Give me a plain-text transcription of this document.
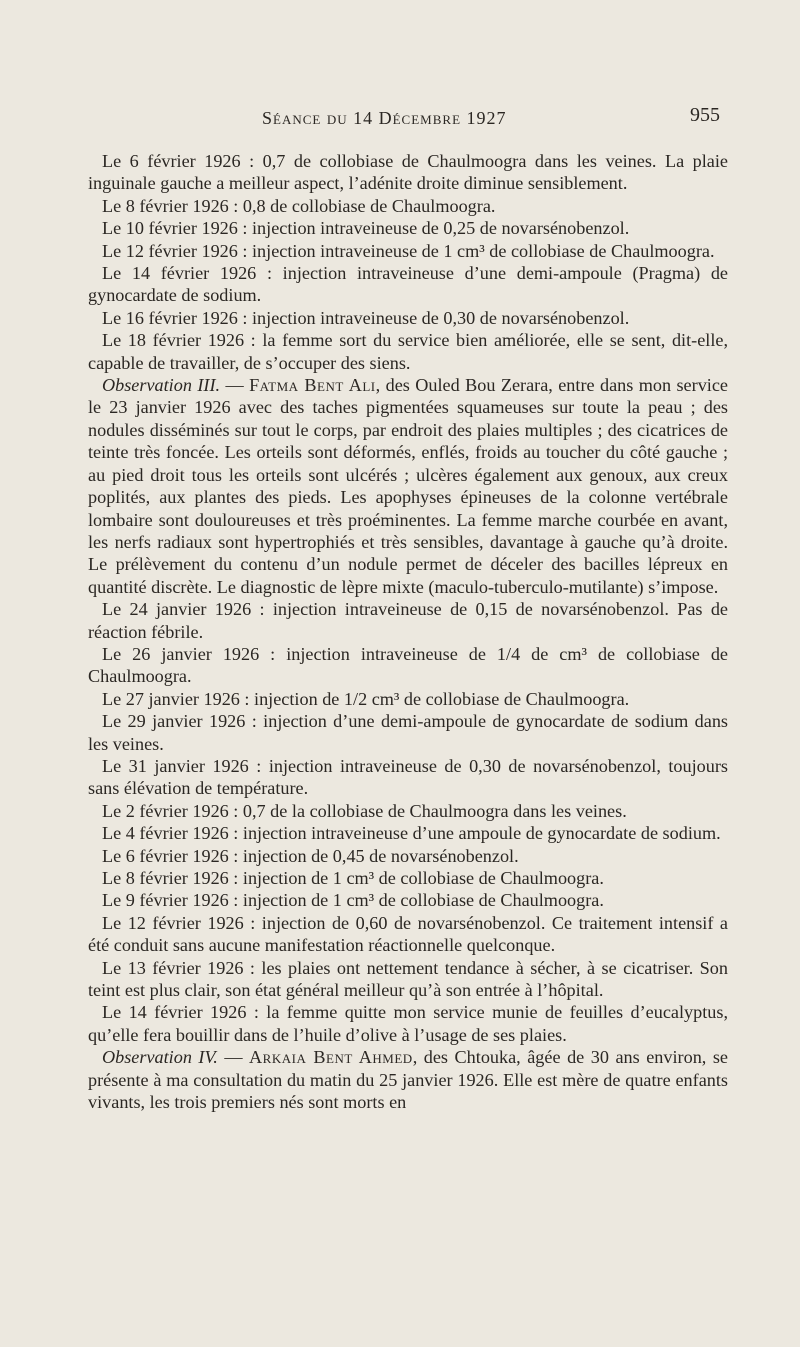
Séance du 14 Décembre 1927	955

Le 6 février 1926 : 0,7 de collobiase de Chaulmoogra dans les veines. La plaie inguinale gauche a meilleur aspect, l’adénite droite diminue sensiblement.

Le 8 février 1926 : 0,8 de collobiase de Chaulmoogra.

Le 10 février 1926 : injection intraveineuse de 0,25 de novarsénobenzol.

Le 12 février 1926 : injection intraveineuse de 1 cm³ de collobiase de Chaulmoogra.

Le 14 février 1926 : injection intraveineuse d’une demi-ampoule (Pragma) de gynocardate de sodium.

Le 16 février 1926 : injection intraveineuse de 0,30 de novarsénobenzol.

Le 18 février 1926 : la femme sort du service bien améliorée, elle se sent, dit-elle, capable de travailler, de s’occuper des siens.

Observation III. — Fatma Bent Ali, des Ouled Bou Zerara, entre dans mon service le 23 janvier 1926 avec des taches pigmentées squameuses sur toute la peau ; des nodules disséminés sur tout le corps, par endroit des plaies multiples ; des cicatrices de teinte très foncée. Les orteils sont déformés, enflés, froids au toucher du côté gauche ; au pied droit tous les orteils sont ulcérés ; ulcères également aux genoux, aux creux poplités, aux plantes des pieds. Les apophyses épineuses de la colonne vertébrale lombaire sont douloureuses et très proéminentes. La femme marche courbée en avant, les nerfs radiaux sont hypertrophiés et très sensibles, davantage à gauche qu’à droite. Le prélèvement du contenu d’un nodule permet de déceler des bacilles lépreux en quantité discrète. Le diagnostic de lèpre mixte (maculo-tuberculo-mutilante) s’impose.

Le 24 janvier 1926 : injection intraveineuse de 0,15 de novarsénobenzol. Pas de réaction fébrile.

Le 26 janvier 1926 : injection intraveineuse de 1/4 de cm³ de collobiase de Chaulmoogra.

Le 27 janvier 1926 : injection de 1/2 cm³ de collobiase de Chaulmoogra.

Le 29 janvier 1926 : injection d’une demi-ampoule de gynocardate de sodium dans les veines.

Le 31 janvier 1926 : injection intraveineuse de 0,30 de novarsénobenzol, toujours sans élévation de température.

Le 2 février 1926 : 0,7 de la collobiase de Chaulmoogra dans les veines.

Le 4 février 1926 : injection intraveineuse d’une ampoule de gynocardate de sodium.

Le 6 février 1926 : injection de 0,45 de novarsénobenzol.

Le 8 février 1926 : injection de 1 cm³ de collobiase de Chaulmoogra.

Le 9 février 1926 : injection de 1 cm³ de collobiase de Chaulmoogra.

Le 12 février 1926 : injection de 0,60 de novarsénobenzol. Ce traitement intensif a été conduit sans aucune manifestation réactionnelle quelconque.

Le 13 février 1926 : les plaies ont nettement tendance à sécher, à se cicatriser. Son teint est plus clair, son état général meilleur qu’à son entrée à l’hôpital.

Le 14 février 1926 : la femme quitte mon service munie de feuilles d’eucalyptus, qu’elle fera bouillir dans de l’huile d’olive à l’usage de ses plaies.

Observation IV. — Arkaia Bent Ahmed, des Chtouka, âgée de 30 ans environ, se présente à ma consultation du matin du 25 janvier 1926. Elle est mère de quatre enfants vivants, les trois premiers nés sont morts en
